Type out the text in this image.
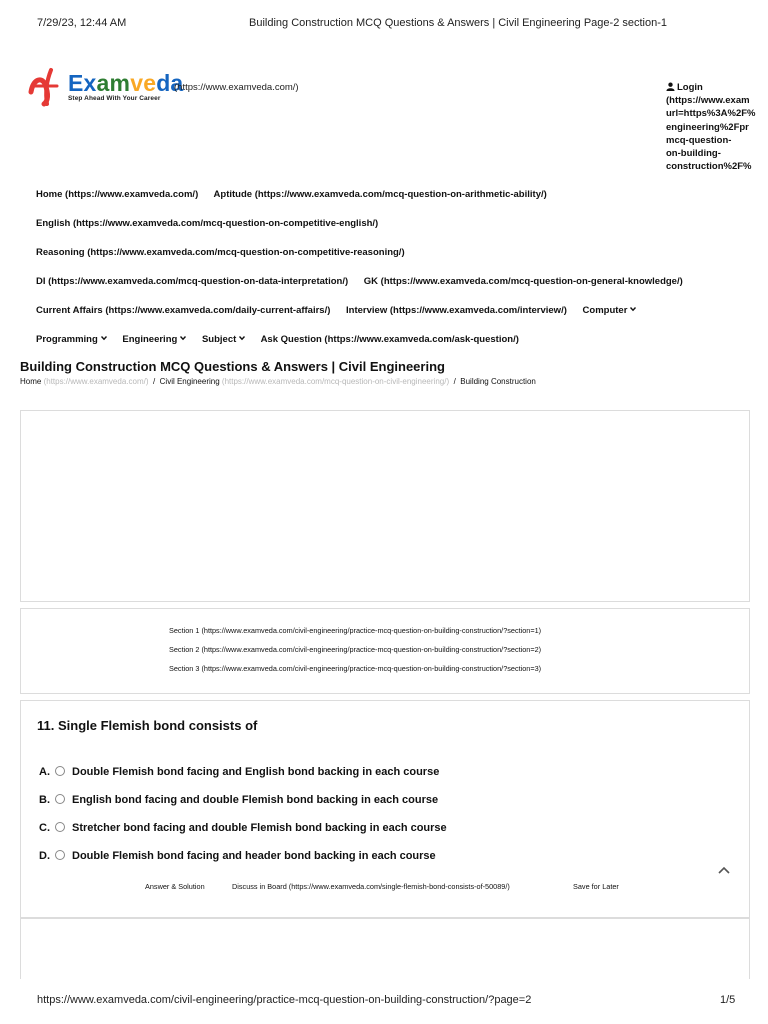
7/29/23, 12:44 AM	Building Construction MCQ Questions & Answers | Civil Engineering Page-2 section-1
Examveda
(https://www.examveda.com/)
Step Ahead With Your Career
Login
(https://www.exam
url=https%3A%2F%
engineering%2Fpr
mcq-question-
on-building-
construction%2F%
Home (https://www.examveda.com/) Aptitude (https://www.examveda.com/mcq-question-on-arithmetic-ability/)
English (https://www.examveda.com/mcq-question-on-competitive-english/)
Reasoning (https://www.examveda.com/mcq-question-on-competitive-reasoning/)
DI (https://www.examveda.com/mcq-question-on-data-interpretation/) GK (https://www.examveda.com/mcq-question-on-general-knowledge/)
Current Affairs (https://www.examveda.com/daily-current-affairs/) Interview (https://www.examveda.com/interview/) Computer
Programming	Engineering	Subject	Ask Question (https://www.examveda.com/ask-question/)
Building Construction MCQ Questions & Answers | Civil Engineering
Home (https://www.examveda.com/) / Civil Engineering (https://www.examveda.com/mcq-question-on-civil-engineering/) / Building Construction
Section 1 (https://www.examveda.com/civil-engineering/practice-mcq-question-on-building-construction/?section=1)
Section 2 (https://www.examveda.com/civil-engineering/practice-mcq-question-on-building-construction/?section=2)
Section 3 (https://www.examveda.com/civil-engineering/practice-mcq-question-on-building-construction/?section=3)
11. Single Flemish bond consists of
A. Double Flemish bond facing and English bond backing in each course
B. English bond facing and double Flemish bond backing in each course
C. Stretcher bond facing and double Flemish bond backing in each course
D. Double Flemish bond facing and header bond backing in each course
Answer & Solution	Discuss in Board (https://www.examveda.com/single-flemish-bond-consists-of-50089/)	Save for Later
https://www.examveda.com/civil-engineering/practice-mcq-question-on-building-construction/?page=2	1/5
